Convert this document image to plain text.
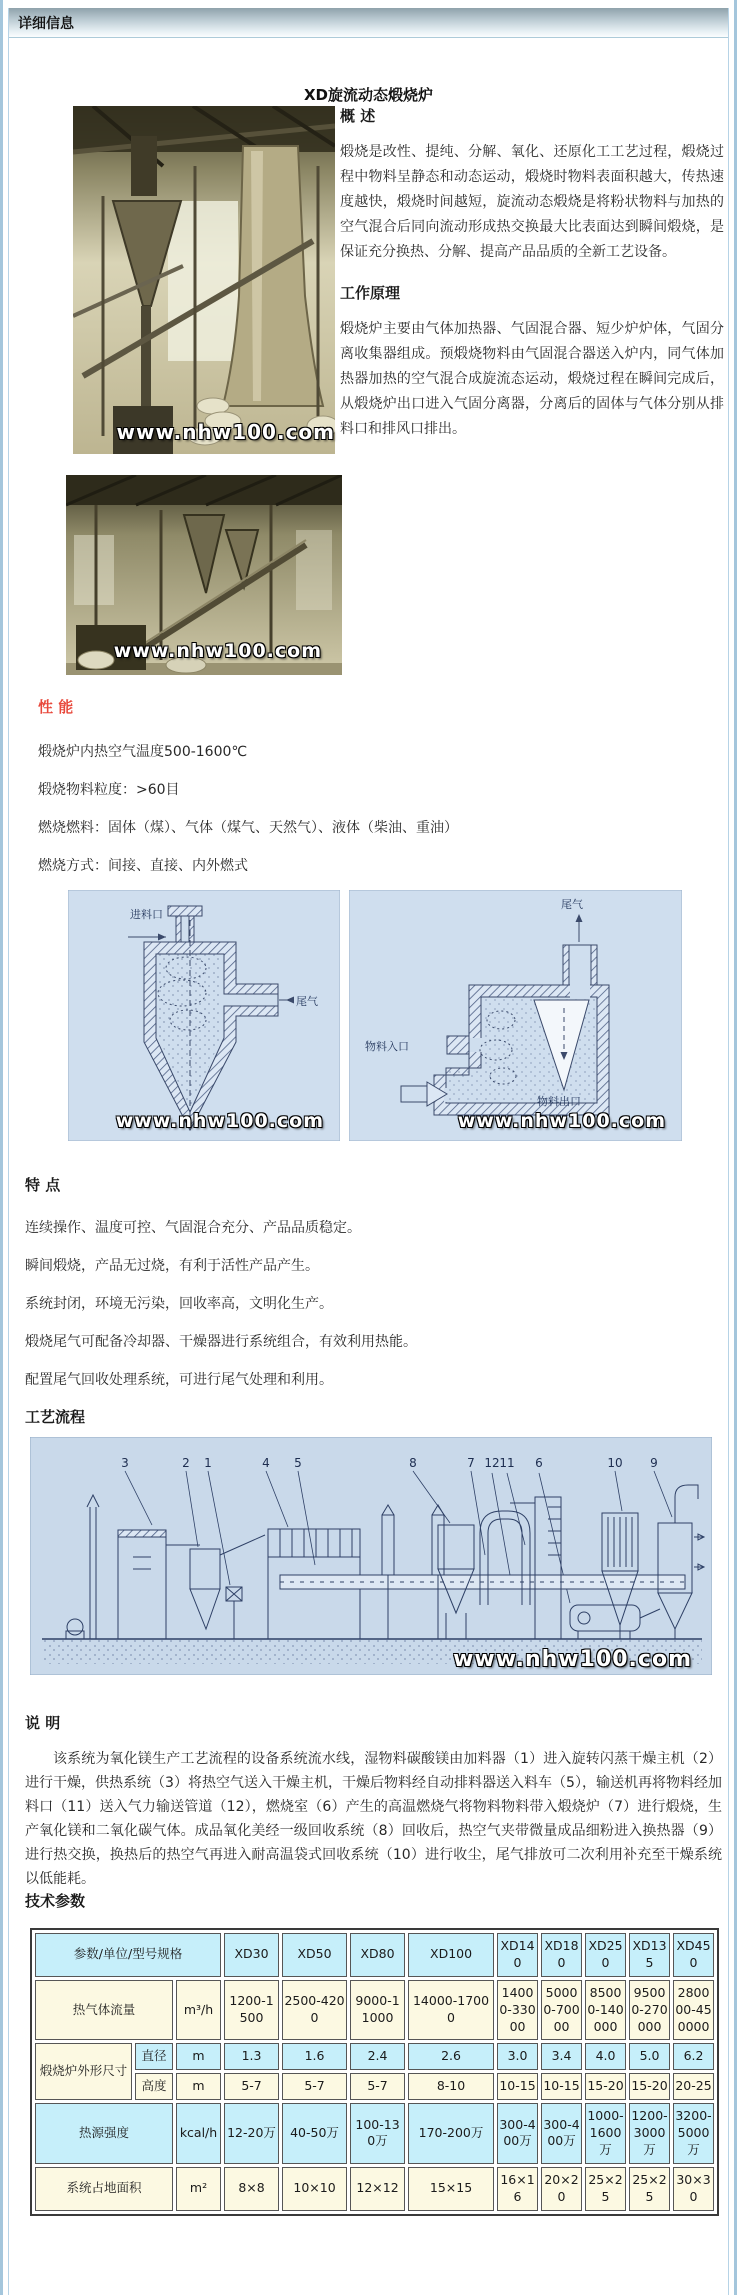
详细信息
XD旋流动态煅烧炉
www.nhw100.com
概 述

煅烧是改性、提纯、分解、氧化、还原化工工艺过程，煅烧过程中物料呈静态和动态运动，煅烧时物料表面积越大，传热速度越快，煅烧时间越短，旋流动态煅烧是将粉状物料与加热的空气混合后同向流动形成热交换最大比表面达到瞬间煅烧，是保证充分换热、分解、提高产品品质的全新工艺设备。

工作原理

煅烧炉主要由气体加热器、气固混合器、短少炉炉体，气固分离收集器组成。预煅烧物料由气固混合器送入炉内，同气体加热器加热的空气混合成旋流态运动，煅烧过程在瞬间完成后，从煅烧炉出口进入气固分离器，分离后的固体与气体分别从排料口和排风口排出。

www.nhw100.com
性 能
煅烧炉内热空气温度500-1600℃
煅烧物料粒度：>60目
燃烧燃料：固体（煤）、气体（煤气、天然气）、液体（柴油、重油）
燃烧方式：间接、直接、内外燃式
进料口
尾气
www.nhw100.com
尾气
物料入口
物料出口
www.nhw100.com
特 点
连续操作、温度可控、气固混合充分、产品品质稳定。
瞬间煅烧，产品无过烧，有利于活性产品产生。
系统封闭，环境无污染，回收率高，文明化生产。
煅烧尾气可配备冷却器、干燥器进行系统组合，有效利用热能。
配置尾气回收处理系统，可进行尾气处理和利用。
工艺流程
3	2 1	4 5	8	7 12 11 6	10 9
www.nhw100.com
说 明

该系统为氧化镁生产工艺流程的设备系统流水线，湿物料碳酸镁由加料器（1）进入旋转闪蒸干燥主机（2）进行干燥，供热系统（3）将热空气送入干燥主机，干燥后物料经自动排料器送入料车（5），输送机再将物料经加料口（11）送入气力输送管道（12），燃烧室（6）产生的高温燃烧气将物料物料带入煅烧炉（7）进行煅烧，生产氧化镁和二氧化碳气体。成品氧化美经一级回收系统（8）回收后，热空气夹带微量成品细粉进入换热器（9）进行热交换，换热后的热空气再进入耐高温袋式回收系统（10）进行收尘，尾气排放可二次利用补充至干燥系统以低能耗。

技术参数
参数/单位/型号规格			XD30	XD50	XD80	XD100	XD140	XD180	XD250	XD135	XD450
热气体流量		m³/h	1200-1500	2500-4200	9000-11000	14000-17000	14000-33000	50000-70000	85000-140000	95000-270000	280000-450000
煅烧炉外形尺寸	直径	m	1.3	1.6	2.4	2.6	3.0	3.4	4.0	5.0	6.2
	高度	m	5-7	5-7	5-7	8-10	10-15	10-15	15-20	15-20	20-25
热源强度		kcal/h	12-20万	40-50万	100-130万	170-200万	300-400万	300-400万	1000-1600万	1200-3000万	3200-5000万
系统占地面积		m²	8×8	10×10	12×12	15×15	16×16	20×20	25×25	25×25	30×30
